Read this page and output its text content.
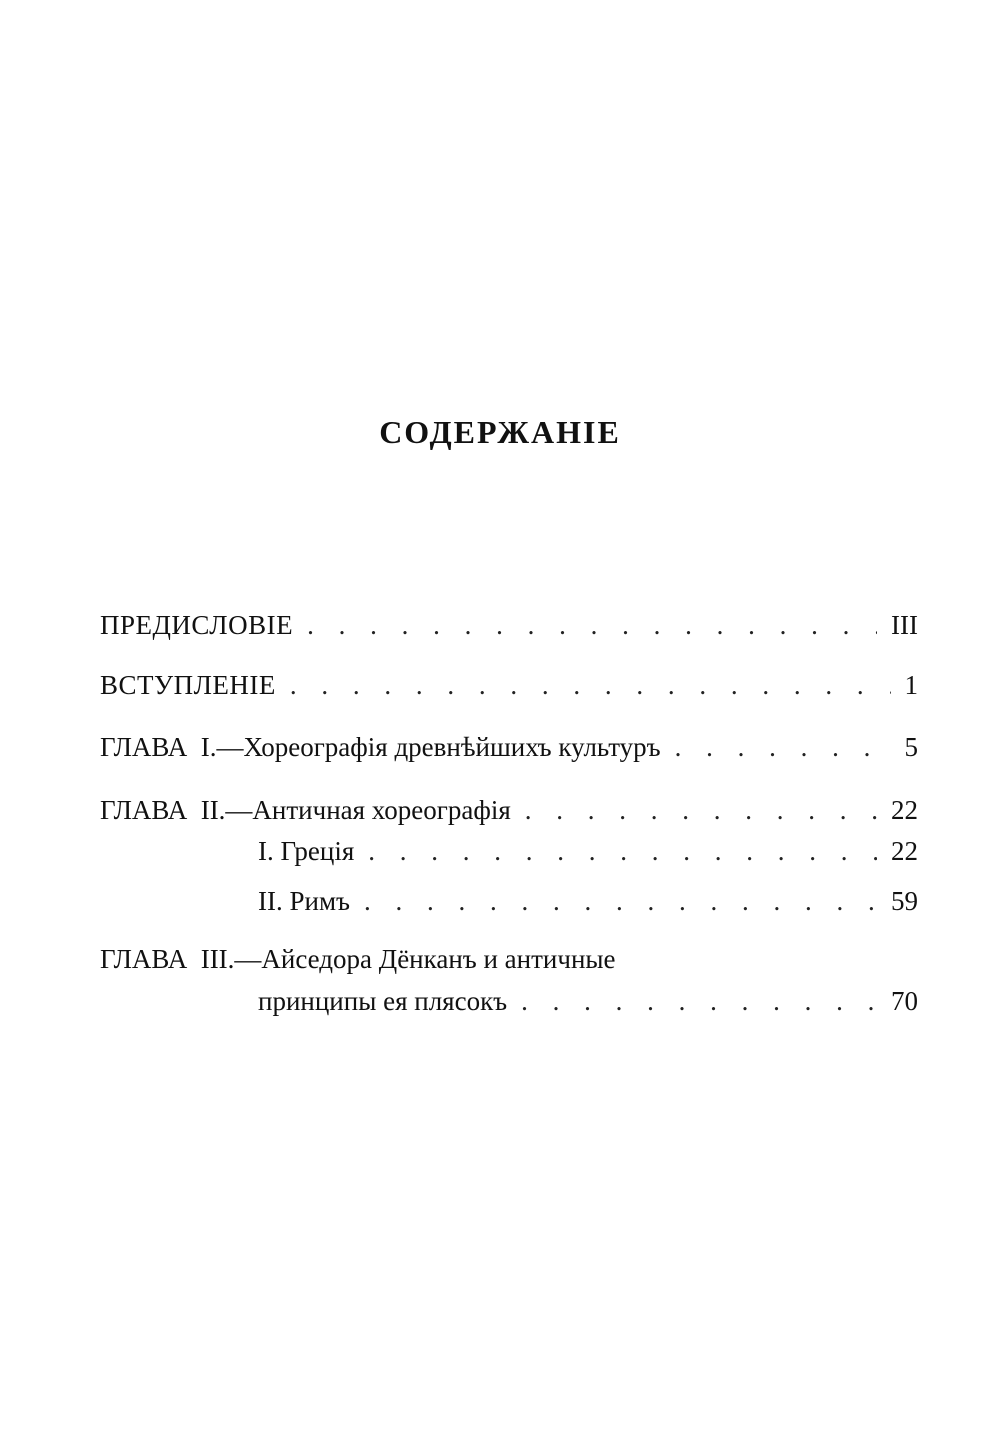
СОДЕРЖАНІЕ
ПРЕДИСЛОВІЕ . . .	III
ВСТУПЛЕНІЕ . . .	1
ГЛАВА  I.—Хореографія древнѣйшихъ культуръ . . .	5
ГЛАВА  II.—Античная хореографія . . .	22
I. Греція . . .	22
II. Римъ . . .	59
ГЛАВА  III.—Айседора Дёнканъ и античные
принципы ея плясокъ . . .	70
